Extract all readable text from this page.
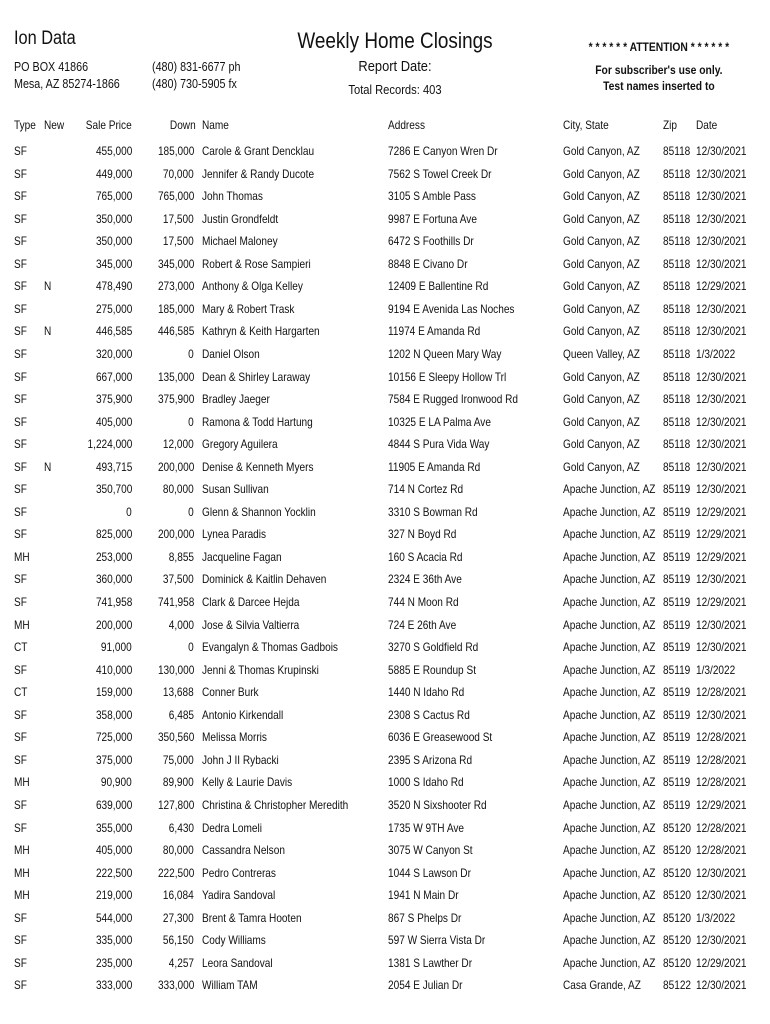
Ion Data
PO BOX 41866
Mesa, AZ 85274-1866
(480) 831-6677 ph
(480) 730-5905 fx
Weekly Home Closings
Report Date:
Total Records: 403
* * * * * * ATTENTION * * * * * *
For subscriber's use only.
Test names inserted to
Type New Sale Price	Down Name	Address	City, State	Zip Date
SF	455,000 185,000 Carole & Grant Dencklau	7286 E Canyon Wren Dr	Gold Canyon, AZ 85118 12/30/2021
SF	449,000	70,000 Jennifer & Randy Ducote	7562 S Towel Creek Dr	Gold Canyon, AZ 85118 12/30/2021
SF	765,000 765,000 John Thomas	3105 S Amble Pass	Gold Canyon, AZ 85118 12/30/2021
SF	350,000	17,500 Justin Grondfeldt	9987 E Fortuna Ave	Gold Canyon, AZ 85118 12/30/2021
SF	350,000	17,500 Michael Maloney	6472 S Foothills Dr	Gold Canyon, AZ 85118 12/30/2021
SF	345,000 345,000 Robert & Rose Sampieri	8848 E Civano Dr	Gold Canyon, AZ 85118 12/30/2021
SF N	478,490 273,000 Anthony & Olga Kelley	12409 E Ballentine Rd	Gold Canyon, AZ 85118 12/29/2021
SF	275,000 185,000 Mary & Robert Trask	9194 E Avenida Las Noches	Gold Canyon, AZ 85118 12/30/2021
SF N	446,585 446,585 Kathryn & Keith Hargarten	11974 E Amanda Rd	Gold Canyon, AZ 85118 12/30/2021
SF	320,000	0 Daniel Olson	1202 N Queen Mary Way	Queen Valley, AZ 85118 1/3/2022
SF	667,000 135,000 Dean & Shirley Laraway	10156 E Sleepy Hollow Trl	Gold Canyon, AZ 85118 12/30/2021
SF	375,900 375,900 Bradley Jaeger	7584 E Rugged Ironwood Rd	Gold Canyon, AZ 85118 12/30/2021
SF	405,000	0 Ramona & Todd Hartung	10325 E LA Palma Ave	Gold Canyon, AZ 85118 12/30/2021
SF	1,224,000	12,000 Gregory Aguilera	4844 S Pura Vida Way	Gold Canyon, AZ 85118 12/30/2021
SF N	493,715 200,000 Denise & Kenneth Myers	11905 E Amanda Rd	Gold Canyon, AZ 85118 12/30/2021
SF	350,700	80,000 Susan Sullivan	714 N Cortez Rd	Apache Junction, AZ 85119 12/30/2021
SF	0	0 Glenn & Shannon Yocklin	3310 S Bowman Rd	Apache Junction, AZ 85119 12/29/2021
SF	825,000 200,000 Lynea Paradis	327 N Boyd Rd	Apache Junction, AZ 85119 12/29/2021
MH	253,000	8,855 Jacqueline Fagan	160 S Acacia Rd	Apache Junction, AZ 85119 12/29/2021
SF	360,000	37,500 Dominick & Kaitlin Dehaven	2324 E 36th Ave	Apache Junction, AZ 85119 12/30/2021
SF	741,958 741,958 Clark & Darcee Hejda	744 N Moon Rd	Apache Junction, AZ 85119 12/29/2021
MH	200,000	4,000 Jose & Silvia Valtierra	724 E 26th Ave	Apache Junction, AZ 85119 12/30/2021
CT	91,000	0 Evangalyn & Thomas Gadbois	3270 S Goldfield Rd	Apache Junction, AZ 85119 12/30/2021
SF	410,000 130,000 Jenni & Thomas Krupinski	5885 E Roundup St	Apache Junction, AZ 85119 1/3/2022
CT	159,000	13,688 Conner Burk	1440 N Idaho Rd	Apache Junction, AZ 85119 12/28/2021
SF	358,000	6,485 Antonio Kirkendall	2308 S Cactus Rd	Apache Junction, AZ 85119 12/30/2021
SF	725,000 350,560 Melissa Morris	6036 E Greasewood St	Apache Junction, AZ 85119 12/28/2021
SF	375,000	75,000 John J II Rybacki	2395 S Arizona Rd	Apache Junction, AZ 85119 12/28/2021
MH	90,900	89,900 Kelly & Laurie Davis	1000 S Idaho Rd	Apache Junction, AZ 85119 12/28/2021
SF	639,000 127,800 Christina & Christopher Meredith	3520 N Sixshooter Rd	Apache Junction, AZ 85119 12/29/2021
SF	355,000	6,430 Dedra Lomeli	1735 W 9TH Ave	Apache Junction, AZ 85120 12/28/2021
MH	405,000	80,000 Cassandra Nelson	3075 W Canyon St	Apache Junction, AZ 85120 12/28/2021
MH	222,500 222,500 Pedro Contreras	1044 S Lawson Dr	Apache Junction, AZ 85120 12/30/2021
MH	219,000	16,084 Yadira Sandoval	1941 N Main Dr	Apache Junction, AZ 85120 12/30/2021
SF	544,000	27,300 Brent & Tamra Hooten	867 S Phelps Dr	Apache Junction, AZ 85120 1/3/2022
SF	335,000	56,150 Cody Williams	597 W Sierra Vista Dr	Apache Junction, AZ 85120 12/30/2021
SF	235,000	4,257 Leora Sandoval	1381 S Lawther Dr	Apache Junction, AZ 85120 12/29/2021
SF	333,000 333,000 William TAM	2054 E Julian Dr	Casa Grande, AZ 85122 12/30/2021
